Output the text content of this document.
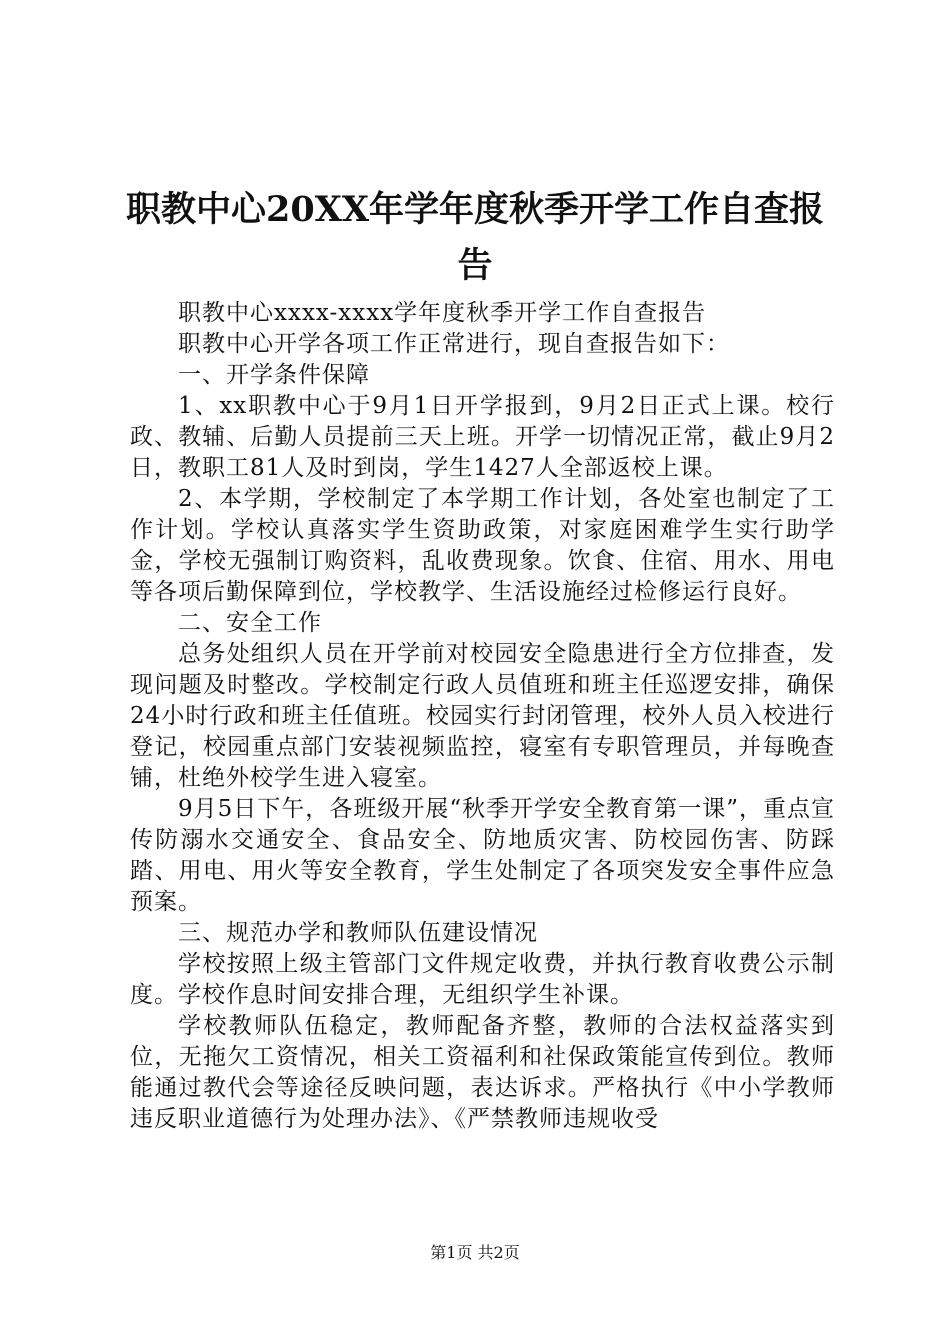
职教中心20XX年学年度秋季开学工作自查报告

职教中心xxxx-xxxx学年度秋季开学工作自查报告

职教中心开学各项工作正常进行，现自查报告如下：

一、开学条件保障

1、xx职教中心于9月1日开学报到，9月2日正式上课。校行政、教辅、后勤人员提前三天上班。开学一切情况正常，截止9月2日，教职工81人及时到岗，学生1427人全部返校上课。

2、本学期，学校制定了本学期工作计划，各处室也制定了工作计划。学校认真落实学生资助政策，对家庭困难学生实行助学金，学校无强制订购资料，乱收费现象。饮食、住宿、用水、用电等各项后勤保障到位，学校教学、生活设施经过检修运行良好。

二、安全工作

总务处组织人员在开学前对校园安全隐患进行全方位排查，发现问题及时整改。学校制定行政人员值班和班主任巡逻安排，确保24小时行政和班主任值班。校园实行封闭管理，校外人员入校进行登记，校园重点部门安装视频监控，寝室有专职管理员，并每晚查铺，杜绝外校学生进入寝室。

9月5日下午，各班级开展“秋季开学安全教育第一课”，重点宣传防溺水交通安全、食品安全、防地质灾害、防校园伤害、防踩踏、用电、用火等安全教育，学生处制定了各项突发安全事件应急预案。

三、规范办学和教师队伍建设情况

学校按照上级主管部门文件规定收费，并执行教育收费公示制度。学校作息时间安排合理，无组织学生补课。

学校教师队伍稳定，教师配备齐整，教师的合法权益落实到位，无拖欠工资情况，相关工资福利和社保政策能宣传到位。教师能通过教代会等途径反映问题，表达诉求。严格执行《中小学教师违反职业道德行为处理办法》、《严禁教师违规收受

第1页 共2页
